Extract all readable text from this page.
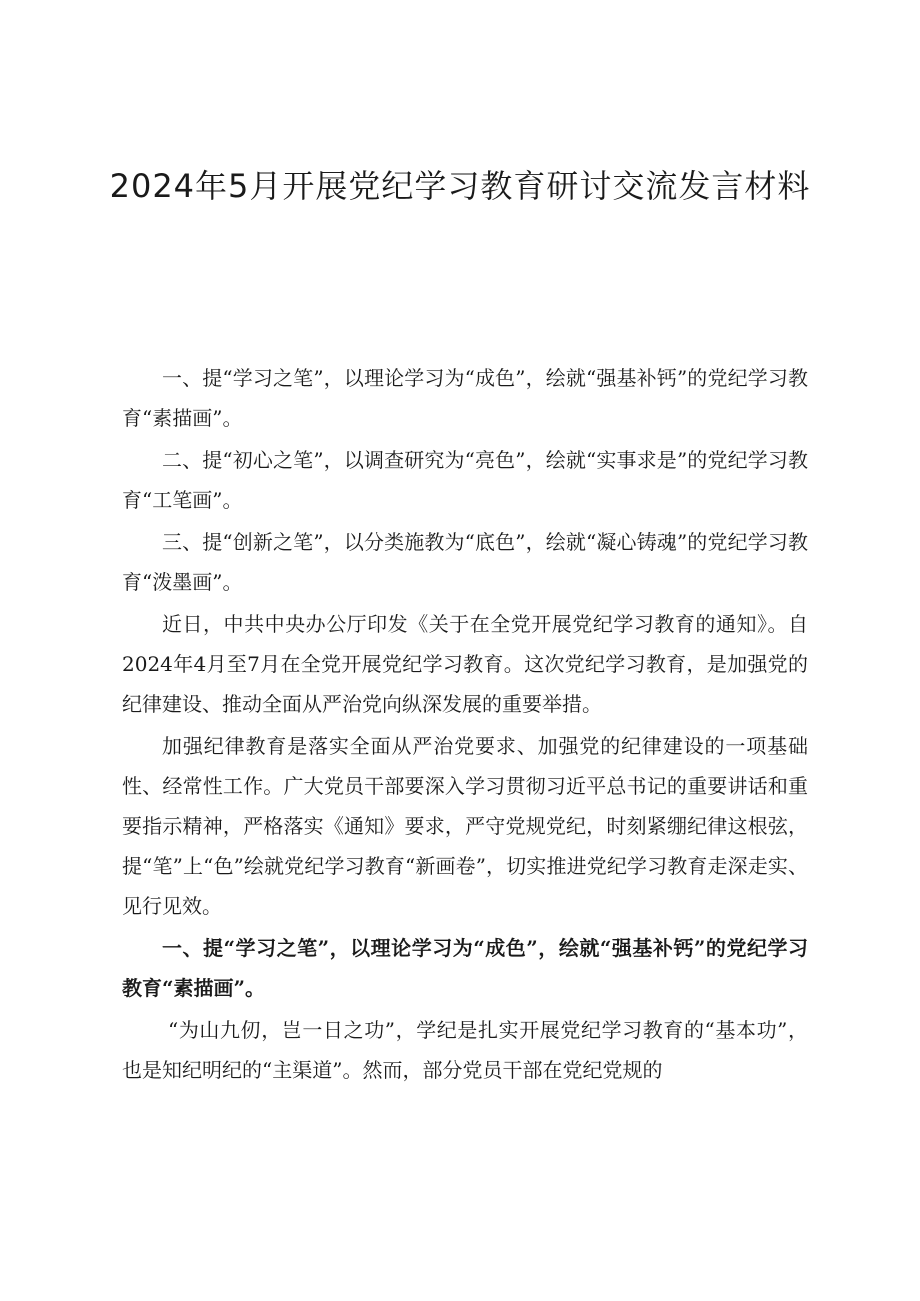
2024年5月开展党纪学习教育研讨交流发言材料

一、提“学习之笔”，以理论学习为“成色”，绘就“强基补钙”的党纪学习教育“素描画”。

二、提“初心之笔”，以调查研究为“亮色”，绘就“实事求是”的党纪学习教育“工笔画”。

三、提“创新之笔”，以分类施教为“底色”，绘就“凝心铸魂”的党纪学习教育“泼墨画”。

近日，中共中央办公厅印发《关于在全党开展党纪学习教育的通知》。自2024年4月至7月在全党开展党纪学习教育。这次党纪学习教育，是加强党的纪律建设、推动全面从严治党向纵深发展的重要举措。

加强纪律教育是落实全面从严治党要求、加强党的纪律建设的一项基础性、经常性工作。广大党员干部要深入学习贯彻习近平总书记的重要讲话和重要指示精神，严格落实《通知》要求，严守党规党纪，时刻紧绷纪律这根弦，提“笔”上“色”绘就党纪学习教育“新画卷”，切实推进党纪学习教育走深走实、见行见效。

一、提“学习之笔”，以理论学习为“成色”，绘就“强基补钙”的党纪学习教育“素描画”。

“为山九仞，岂一日之功”，学纪是扎实开展党纪学习教育的“基本功”，也是知纪明纪的“主渠道”。然而，部分党员干部在党纪党规的
